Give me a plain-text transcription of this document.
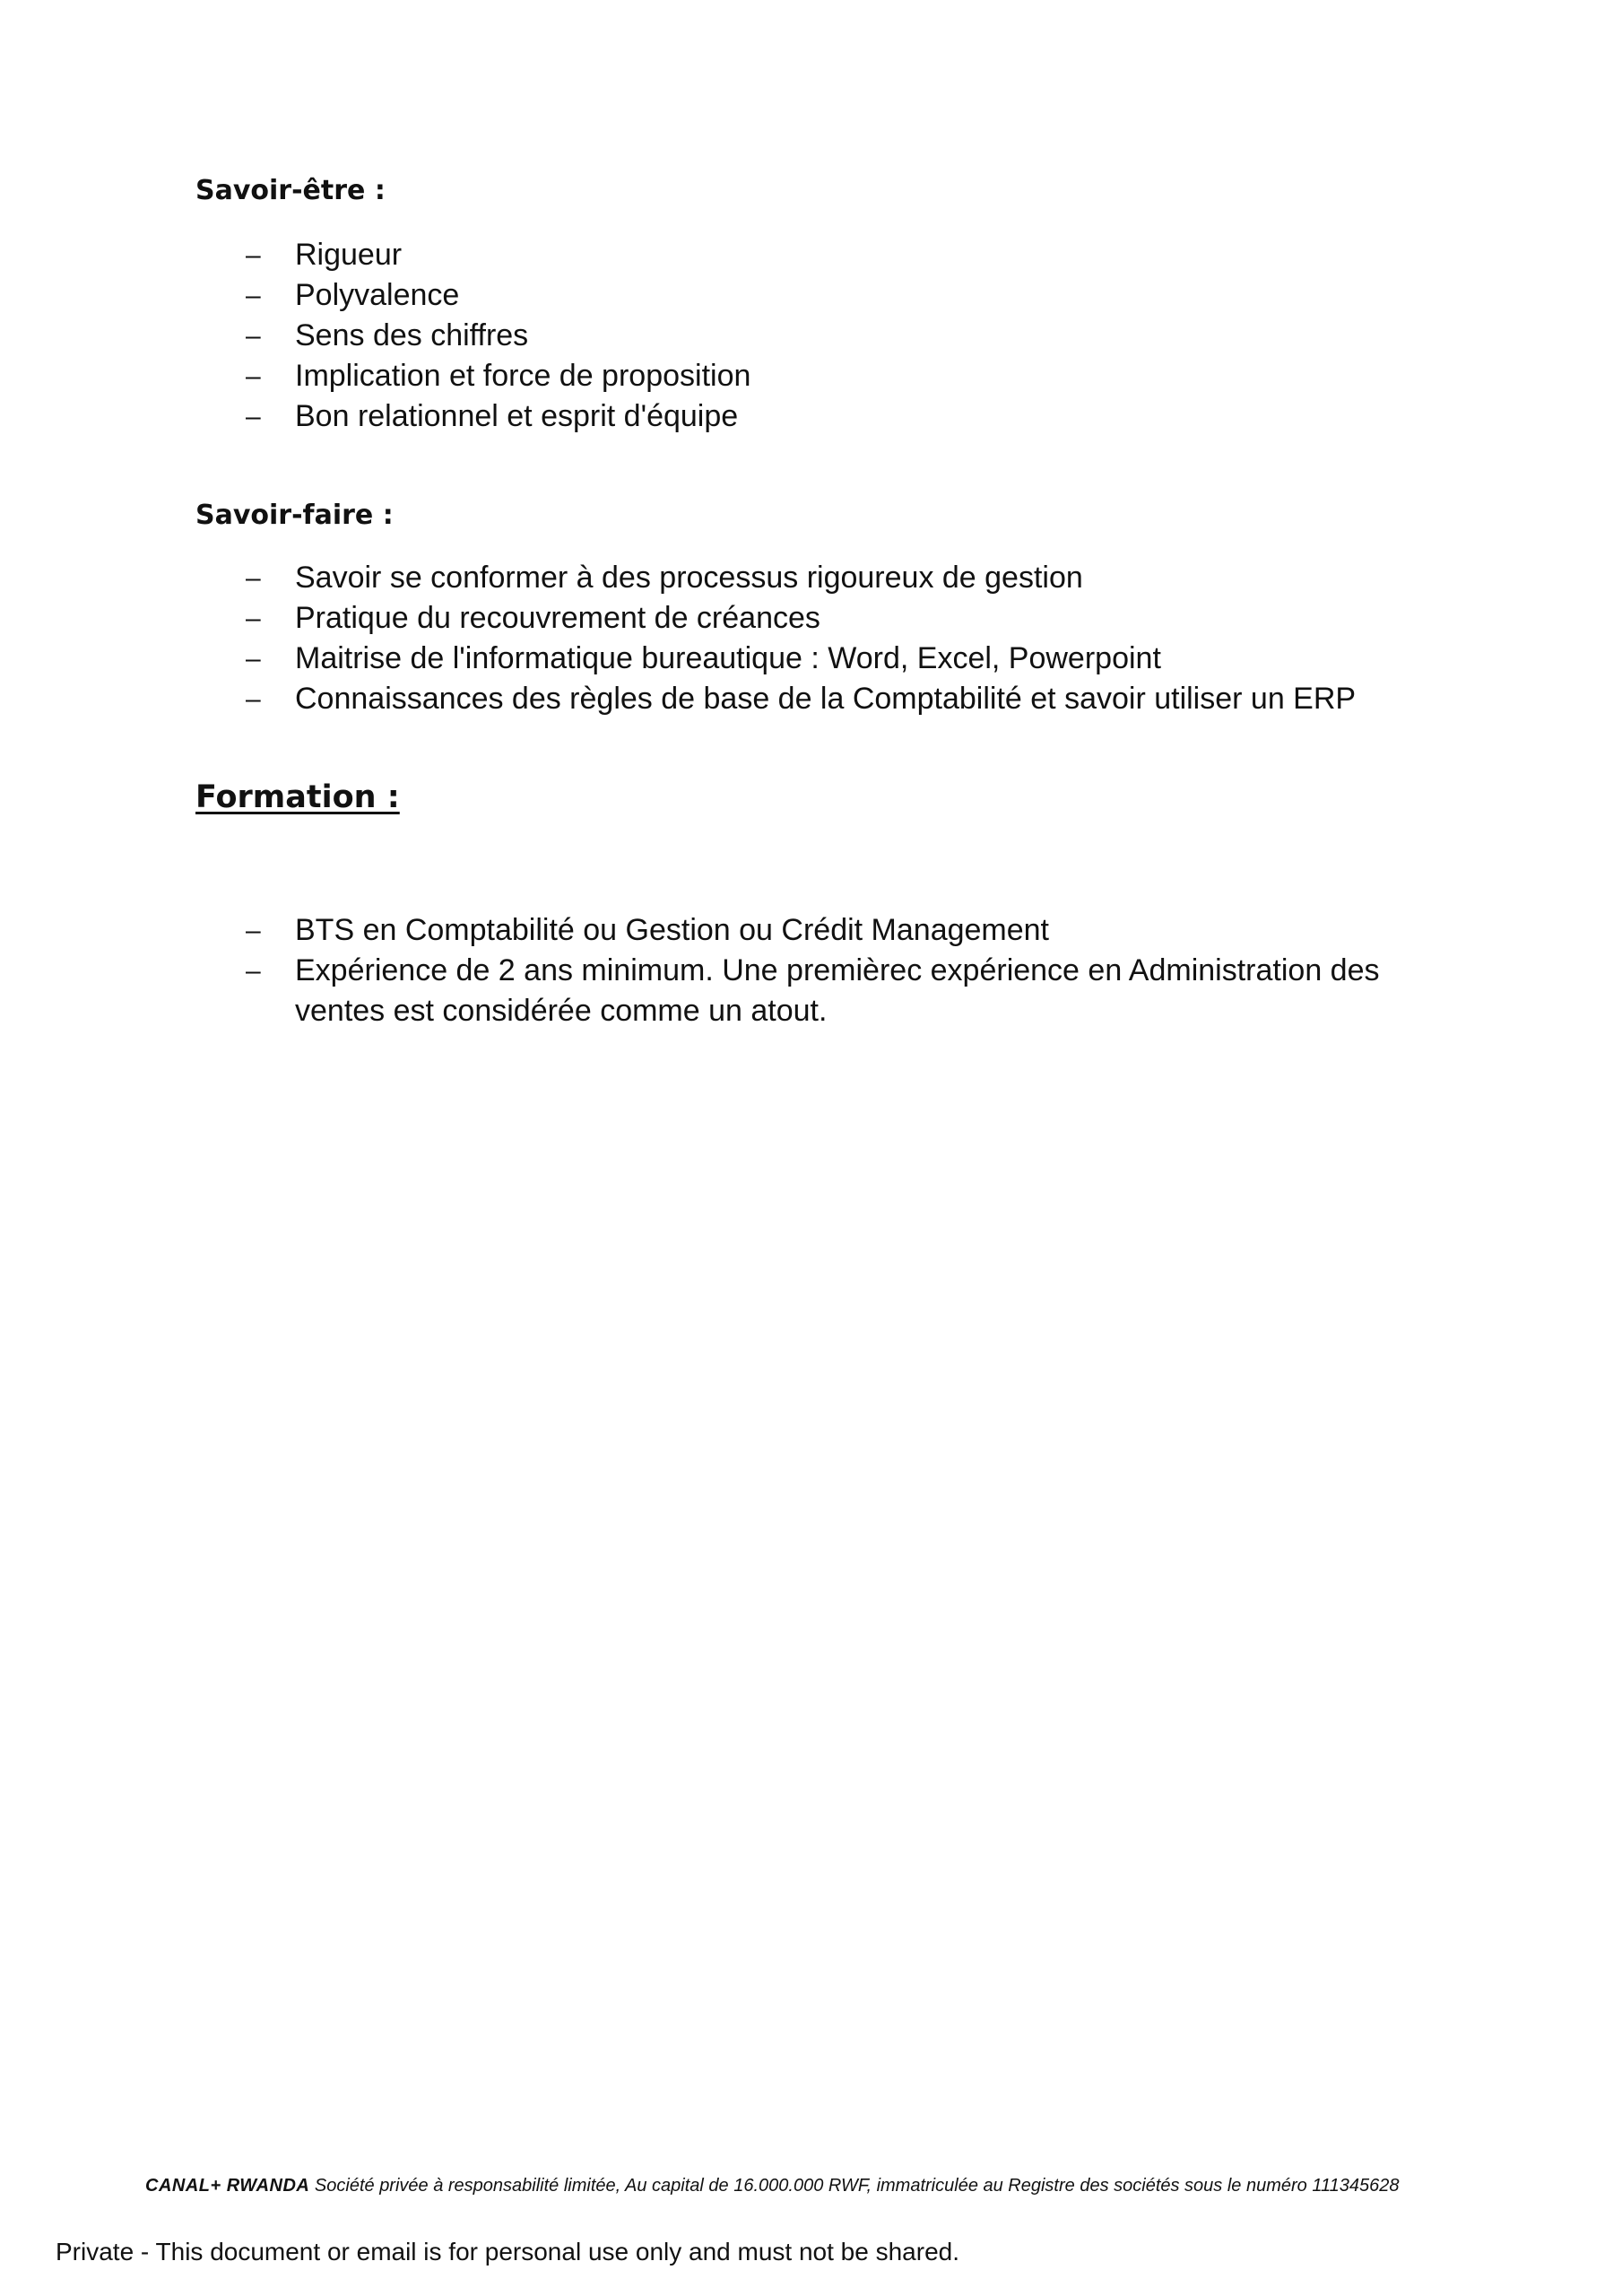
Savoir-être :
– Rigueur
– Polyvalence
– Sens des chiffres
– Implication et force de proposition
– Bon relationnel et esprit d'équipe
Savoir-faire :
– Savoir se conformer à des processus rigoureux de gestion
– Pratique du recouvrement de créances
– Maitrise de l'informatique bureautique : Word, Excel, Powerpoint
– Connaissances des règles de base de la Comptabilité et savoir utiliser un ERP
Formation :
– BTS en Comptabilité ou Gestion ou Crédit Management
– Expérience de 2 ans minimum. Une premièrec expérience en Administration des ventes est considérée comme un atout.
CANAL+ RWANDA Société privée à responsabilité limitée, Au capital de 16.000.000 RWF, immatriculée au Registre des sociétés sous le numéro 111345628
Private - This document or email is for personal use only and must not be shared.
